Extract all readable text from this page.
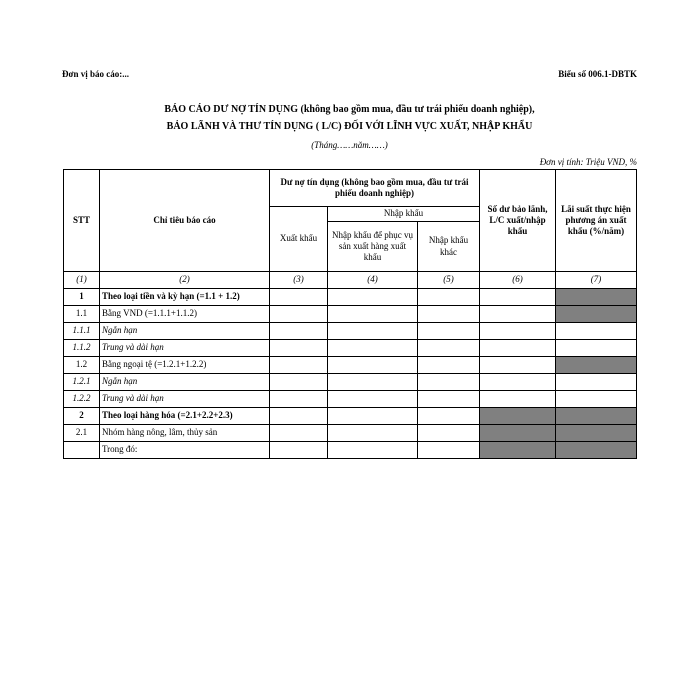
Đơn vị báo cáo:...	Biểu số 006.1-DBTK
BÁO CÁO DƯ NỢ TÍN DỤNG (không bao gồm mua, đầu tư trái phiếu doanh nghiệp),
BẢO LÃNH VÀ THƯ TÍN DỤNG ( L/C) ĐỐI VỚI LĨNH VỰC XUẤT, NHẬP KHẨU
(Tháng……năm……)
Đơn vị tính: Triệu VND, %
STT	Chỉ tiêu báo cáo	Dư nợ tín dụng (không bao gồm mua, đầu tư trái phiếu doanh nghiệp)			Số dư bảo lãnh, L/C xuất/nhập khẩu	Lãi suất thực hiện phương án xuất khẩu (%/năm)
		Xuất khẩu	Nhập khẩu			
			Nhập khẩu để phục vụ sản xuất hàng xuất khẩu	Nhập khẩu khác		
(1)	(2)	(3)	(4)	(5)	(6)	(7)
1	Theo loại tiền và kỳ hạn (=1.1 + 1.2)					
1.1	Bằng VND (=1.1.1+1.1.2)					
1.1.1	Ngắn hạn					
1.1.2	Trung và dài hạn					
1.2	Bằng ngoại tệ (=1.2.1+1.2.2)					
1.2.1	Ngắn hạn					
1.2.2	Trung và dài hạn					
2	Theo loại hàng hóa (=2.1+2.2+2.3)					
2.1	Nhóm hàng nông, lâm, thủy sản					
	Trong đó:					
